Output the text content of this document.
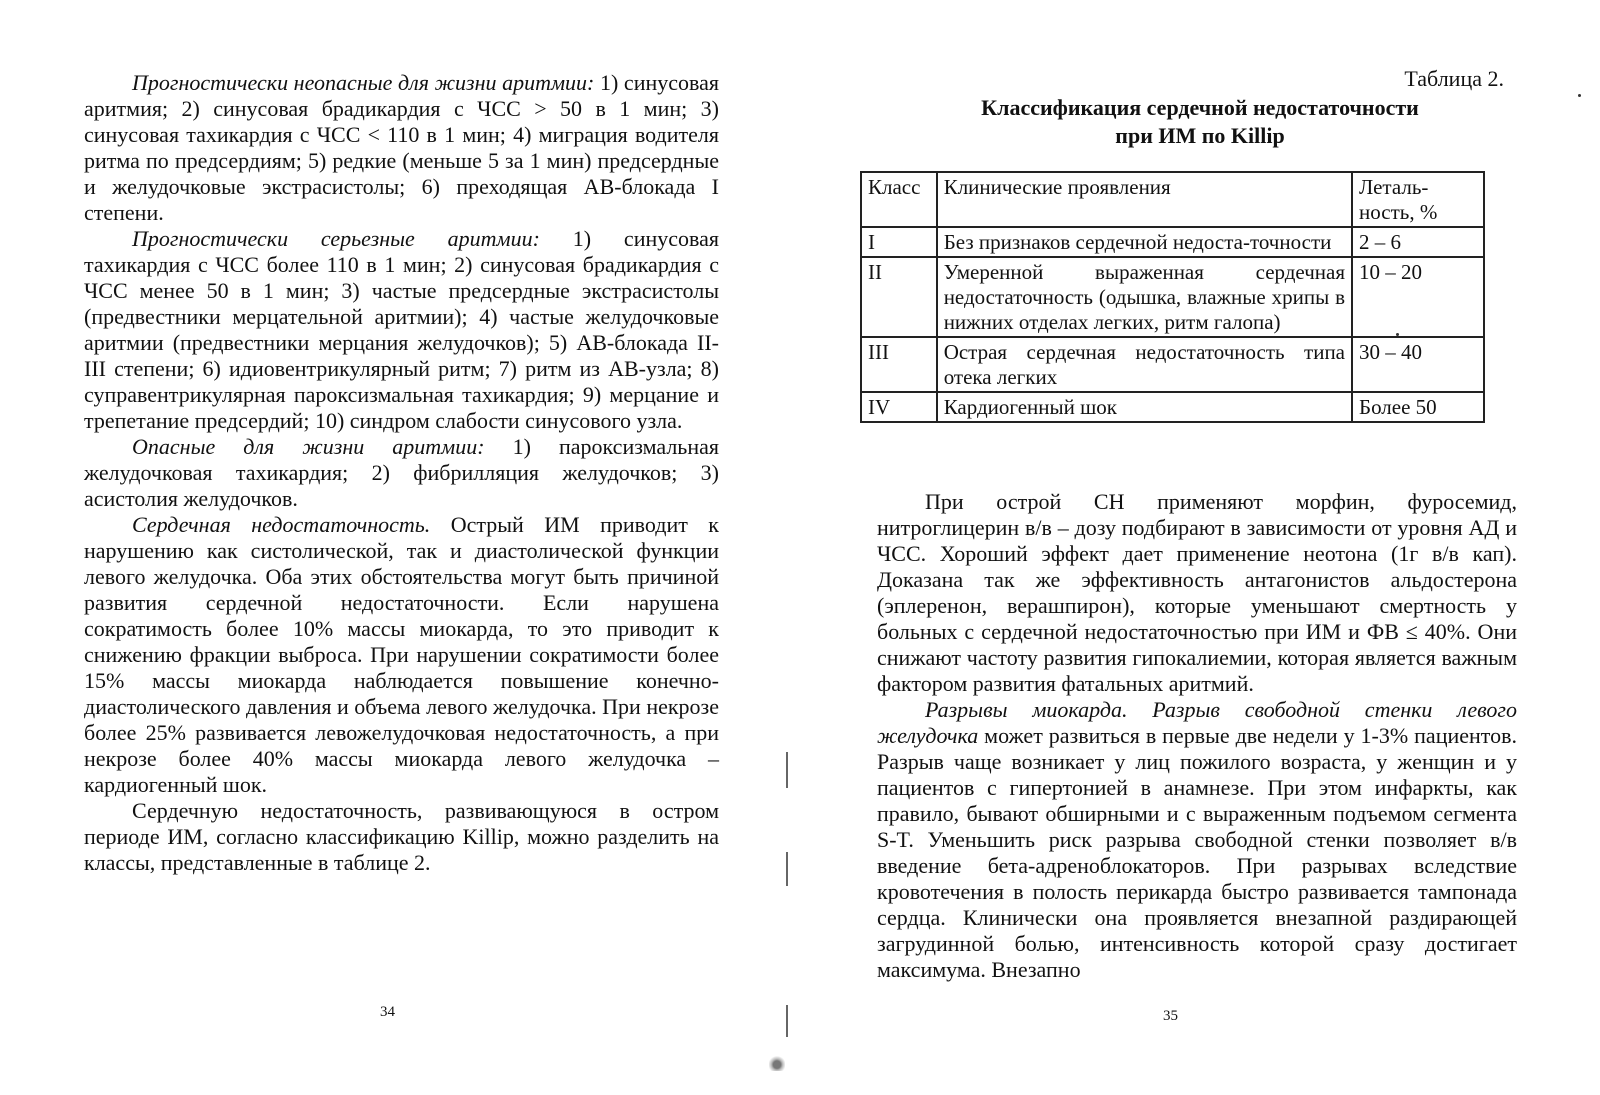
Прогностически неопасные для жизни аритмии: 1) синусовая аритмия; 2) синусовая брадикардия с ЧСС > 50 в 1 мин; 3) синусовая тахикардия с ЧСС < 110 в 1 мин; 4) миграция водителя ритма по предсердиям; 5) редкие (меньше 5 за 1 мин) предсердные и желудочковые экстрасистолы; 6) преходящая АВ-блокада I степени.

Прогностически серьезные аритмии: 1) синусовая тахикардия с ЧСС более 110 в 1 мин; 2) синусовая брадикардия с ЧСС менее 50 в 1 мин; 3) частые предсердные экстрасистолы (предвестники мерцательной аритмии); 4) частые желудочковые аритмии (предвестники мерцания желудочков); 5) АВ-блокада II-III степени; 6) идиовентрикулярный ритм; 7) ритм из АВ-узла; 8) суправентрикулярная пароксизмальная тахикардия; 9) мерцание и трепетание предсердий; 10) синдром слабости синусового узла.

Опасные для жизни аритмии: 1) пароксизмальная желудочковая тахикардия; 2) фибрилляция желудочков; 3) асистолия желудочков.

Сердечная недостаточность. Острый ИМ приводит к нарушению как систолической, так и диастолической функции левого желудочка. Оба этих обстоятельства могут быть причиной развития сердечной недостаточности. Если нарушена сократимость более 10% массы миокарда, то это приводит к снижению фракции выброса. При нарушении сократимости более 15% массы миокарда наблюдается повышение конечно-диастолического давления и объема левого желудочка. При некрозе более 25% развивается левожелудочковая недостаточность, а при некрозе более 40% массы миокарда левого желудочка – кардиогенный шок.

Сердечную недостаточность, развивающуюся в остром периоде ИМ, согласно классификацию Killip, можно разделить на классы, представленные в таблице 2.

34
Таблица 2.
Классификация сердечной недостаточности
при ИМ по Killip
Класс	Клинические проявления	Леталь-ность, %
I	Без признаков сердечной недоста-точности	2 – 6
II	Умеренной выраженная сердечная недостаточность (одышка, влажные хрипы в нижних отделах легких, ритм галопа)	10 – 20
III	Острая сердечная недостаточность типа отека легких	30 – 40
IV	Кардиогенный шок	Более 50

При острой СН применяют морфин, фуросемид, нитроглицерин в/в – дозу подбирают в зависимости от уровня АД и ЧСС. Хороший эффект дает применение неотона (1г в/в кап). Доказана так же эффективность антагонистов альдостерона (эплеренон, верашпирон), которые уменьшают смертность у больных с сердечной недостаточностью при ИМ и ФВ ≤ 40%. Они снижают частоту развития гипокалиемии, которая является важным фактором развития фатальных аритмий.

Разрывы миокарда. Разрыв свободной стенки левого желудочка может развиться в первые две недели у 1-3% пациентов. Разрыв чаще возникает у лиц пожилого возраста, у женщин и у пациентов с гипертонией в анамнезе. При этом инфаркты, как правило, бывают обширными и с выраженным подъемом сегмента S-T. Уменьшить риск разрыва свободной стенки позволяет в/в введение бета-адреноблокаторов. При разрывах вследствие кровотечения в полость перикарда быстро развивается тампонада сердца. Клинически она проявляется внезапной раздирающей загрудинной болью, интенсивность которой сразу достигает максимума. Внезапно

35
